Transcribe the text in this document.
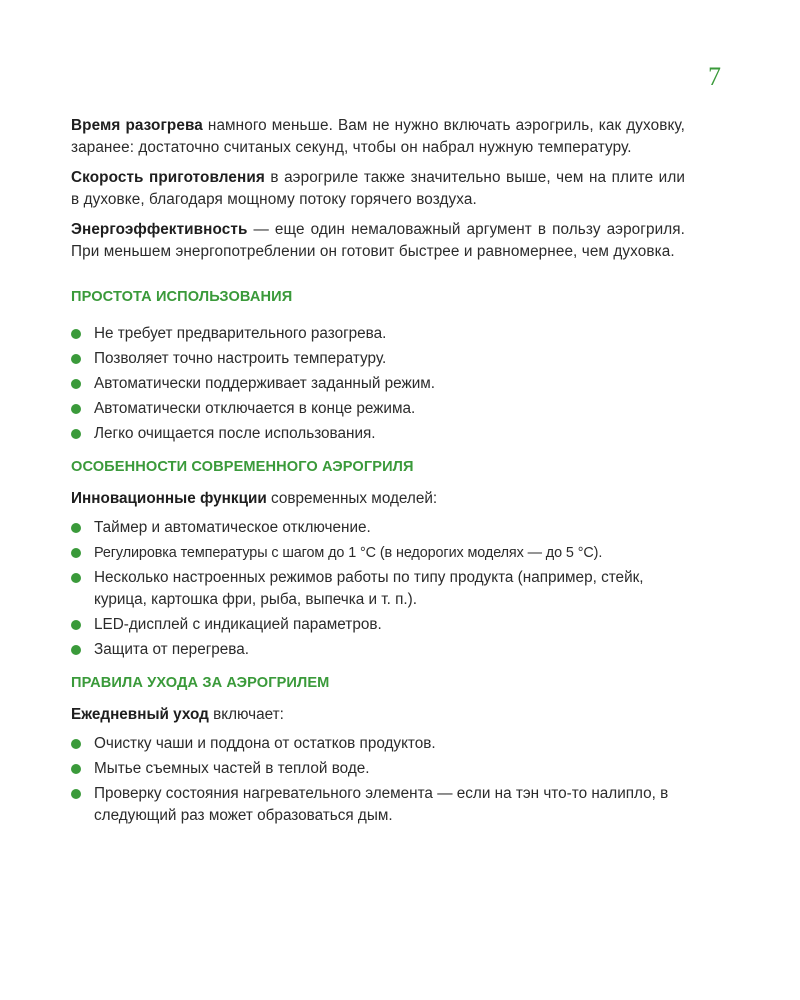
7

Время разогрева намного меньше. Вам не нужно включать аэрогриль, как духовку, заранее: достаточно считаных секунд, чтобы он набрал нужную температуру.

Скорость приготовления в аэрогриле также значительно выше, чем на плите или в духовке, благодаря мощному потоку горячего воздуха.

Энергоэффективность — еще один немаловажный аргумент в пользу аэрогриля. При меньшем энергопотреблении он готовит быстрее и равномернее, чем духовка.

ПРОСТОТА ИСПОЛЬЗОВАНИЯ
Не требует предварительного разогрева.
Позволяет точно настроить температуру.
Автоматически поддерживает заданный режим.
Автоматически отключается в конце режима.
Легко очищается после использования.
ОСОБЕННОСТИ СОВРЕМЕННОГО АЭРОГРИЛЯ

Инновационные функции современных моделей:

Таймер и автоматическое отключение.
Регулировка температуры с шагом до 1 °C (в недорогих моделях — до 5 °C).
Несколько настроенных режимов работы по типу продукта (например, стейк, курица, картошка фри, рыба, выпечка и т. п.).
LED-дисплей с индикацией параметров.
Защита от перегрева.
ПРАВИЛА УХОДА ЗА АЭРОГРИЛЕМ

Ежедневный уход включает:

Очистку чаши и поддона от остатков продуктов.
Мытье съемных частей в теплой воде.
Проверку состояния нагревательного элемента — если на тэн что-то налипло, в следующий раз может образоваться дым.
